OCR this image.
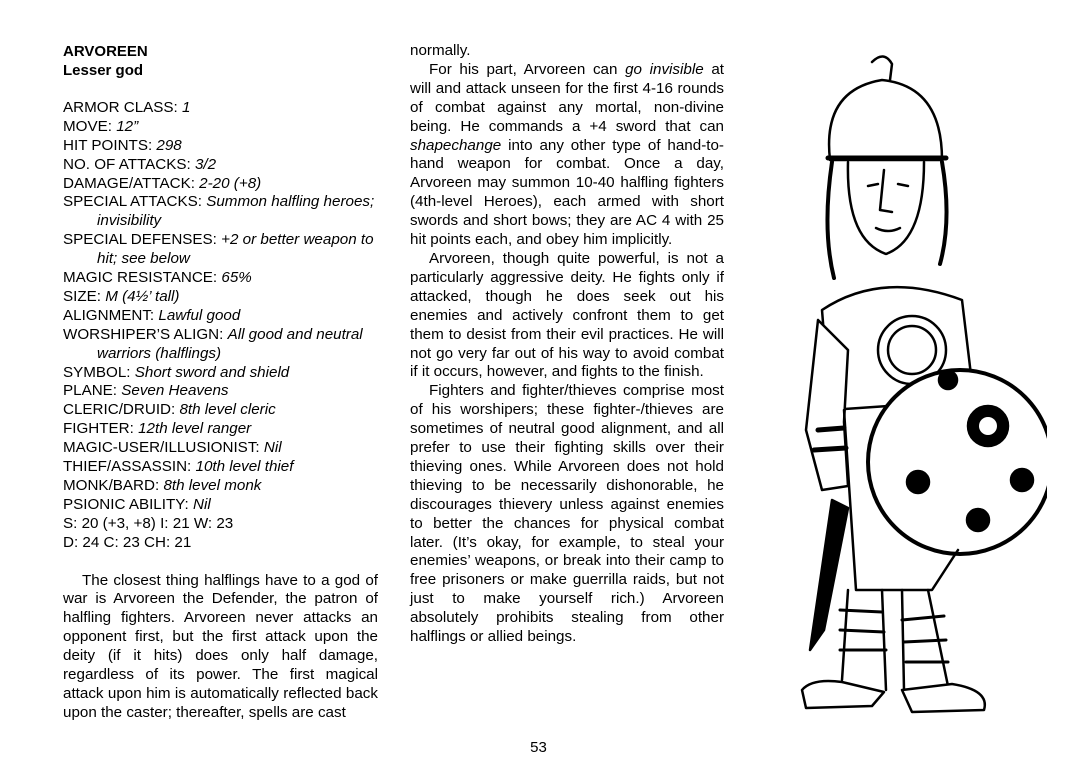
ARVOREEN
Lesser god
ARMOR CLASS: 1
MOVE: 12”
HIT POINTS: 298
NO. OF ATTACKS: 3/2
DAMAGE/ATTACK: 2-20 (+8)
SPECIAL ATTACKS: Summon halfling heroes; invisibility
SPECIAL DEFENSES: +2 or better weapon to hit; see below
MAGIC RESISTANCE: 65%
SIZE: M (4½’ tall)
ALIGNMENT: Lawful good
WORSHIPER’S ALIGN: All good and neutral warriors (halflings)
SYMBOL: Short sword and shield
PLANE: Seven Heavens
CLERIC/DRUID: 8th level cleric
FIGHTER: 12th level ranger
MAGIC-USER/ILLUSIONIST: Nil
THIEF/ASSASSIN: 10th level thief
MONK/BARD: 8th level monk
PSIONIC ABILITY: Nil
S: 20 (+3, +8) I: 21 W: 23
D: 24 C: 23 CH: 21

The closest thing halflings have to a god of war is Arvoreen the Defender, the patron of halfling fighters. Arvoreen never attacks an opponent first, but the first attack upon the deity (if it hits) does only half damage, regardless of its power. The first magical attack upon him is automatically reflected back upon the caster; thereafter, spells are cast

normally.

For his part, Arvoreen can go invisible at will and attack unseen for the first 4-16 rounds of combat against any mortal, non-divine being. He commands a +4 sword that can shapechange into any other type of hand-to-hand weapon for combat. Once a day, Arvoreen may summon 10-40 halfling fighters (4th-level Heroes), each armed with short swords and short bows; they are AC 4 with 25 hit points each, and obey him implicitly.

Arvoreen, though quite powerful, is not a particularly aggressive deity. He fights only if attacked, though he does seek out his enemies and actively confront them to get them to desist from their evil practices. He will not go very far out of his way to avoid combat if it occurs, however, and fights to the finish.

Fighters and fighter/thieves comprise most of his worshipers; these fighter-/thieves are sometimes of neutral good alignment, and all prefer to use their fighting skills over their thieving ones. While Arvoreen does not hold thieving to be necessarily dishonorable, he discourages thievery unless against enemies to better the chances for physical combat later. (It’s okay, for example, to steal your enemies’ weapons, or break into their camp to free prisoners or make guerrilla raids, but not just to make yourself rich.) Arvoreen absolutely prohibits stealing from other halflings or allied beings.

53
